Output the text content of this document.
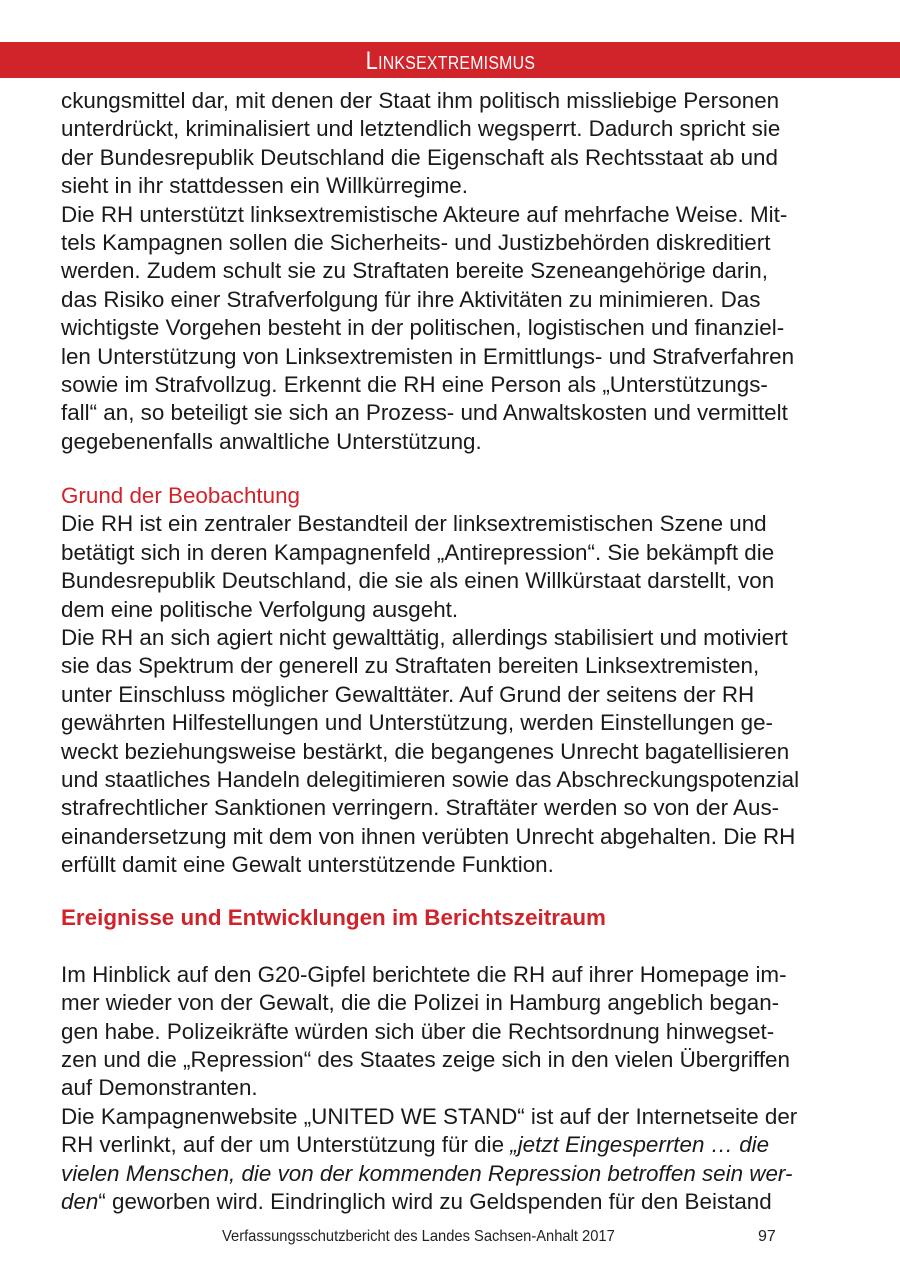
Linksextremismus
ckungsmittel dar, mit denen der Staat ihm politisch missliebige Personen
unterdrückt, kriminalisiert und letztendlich wegsperrt. Dadurch spricht sie
der Bundesrepublik Deutschland die Eigenschaft als Rechtsstaat ab und
sieht in ihr stattdessen ein Willkürregime.
Die RH unterstützt linksextremistische Akteure auf mehrfache Weise. Mit-
tels Kampagnen sollen die Sicherheits- und Justizbehörden diskreditiert
werden. Zudem schult sie zu Straftaten bereite Szeneangehörige darin,
das Risiko einer Strafverfolgung für ihre Aktivitäten zu minimieren. Das
wichtigste Vorgehen besteht in der politischen, logistischen und finanziel-
len Unterstützung von Linksextremisten in Ermittlungs- und Strafverfahren
sowie im Strafvollzug. Erkennt die RH eine Person als „Unterstützungs-
fall“ an, so beteiligt sie sich an Prozess- und Anwaltskosten und vermittelt
gegebenenfalls anwaltliche Unterstützung.
Grund der Beobachtung
Die RH ist ein zentraler Bestandteil der linksextremistischen Szene und
betätigt sich in deren Kampagnenfeld „Antirepression“. Sie bekämpft die
Bundesrepublik Deutschland, die sie als einen Willkürstaat darstellt, von
dem eine politische Verfolgung ausgeht.
Die RH an sich agiert nicht gewalttätig, allerdings stabilisiert und motiviert
sie das Spektrum der generell zu Straftaten bereiten Linksextremisten,
unter Einschluss möglicher Gewalttäter. Auf Grund der seitens der RH
gewährten Hilfestellungen und Unterstützung, werden Einstellungen ge-
weckt beziehungsweise bestärkt, die begangenes Unrecht bagatellisieren
und staatliches Handeln delegitimieren sowie das Abschreckungspotenzial
strafrechtlicher Sanktionen verringern. Straftäter werden so von der Aus-
einandersetzung mit dem von ihnen verübten Unrecht abgehalten. Die RH
erfüllt damit eine Gewalt unterstützende Funktion.
Ereignisse und Entwicklungen im Berichtszeitraum
Im Hinblick auf den G20-Gipfel berichtete die RH auf ihrer Homepage im-
mer wieder von der Gewalt, die die Polizei in Hamburg angeblich began-
gen habe. Polizeikräfte würden sich über die Rechtsordnung hinwegset-
zen und die „Repression“ des Staates zeige sich in den vielen Übergriffen
auf Demonstranten.
Die Kampagnenwebsite „UNITED WE STAND“ ist auf der Internetseite der
RH verlinkt, auf der um Unterstützung für die „jetzt Eingesperrten … die
vielen Menschen, die von der kommenden Repression betroffen sein wer-
den“ geworben wird. Eindringlich wird zu Geldspenden für den Beistand
Verfassungsschutzbericht des Landes Sachsen-Anhalt 2017	97
